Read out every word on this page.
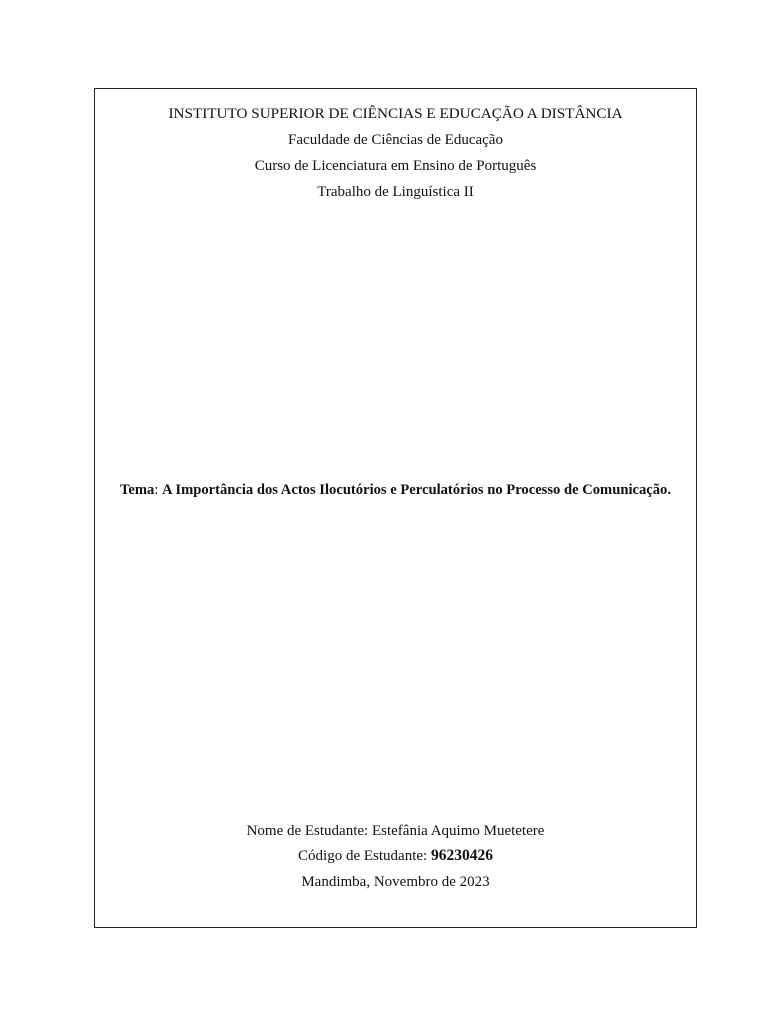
INSTITUTO SUPERIOR DE CIÊNCIAS E EDUCAÇÃO A DISTÂNCIA
Faculdade de Ciências de Educação
Curso de Licenciatura em Ensino de Português
Trabalho de Linguística II
Tema: A Importância dos Actos Ilocutórios e Perculatórios no Processo de Comunicação.
Nome de Estudante: Estefânia Aquimo Muetetere
Código de Estudante: 96230426
Mandimba, Novembro de 2023
